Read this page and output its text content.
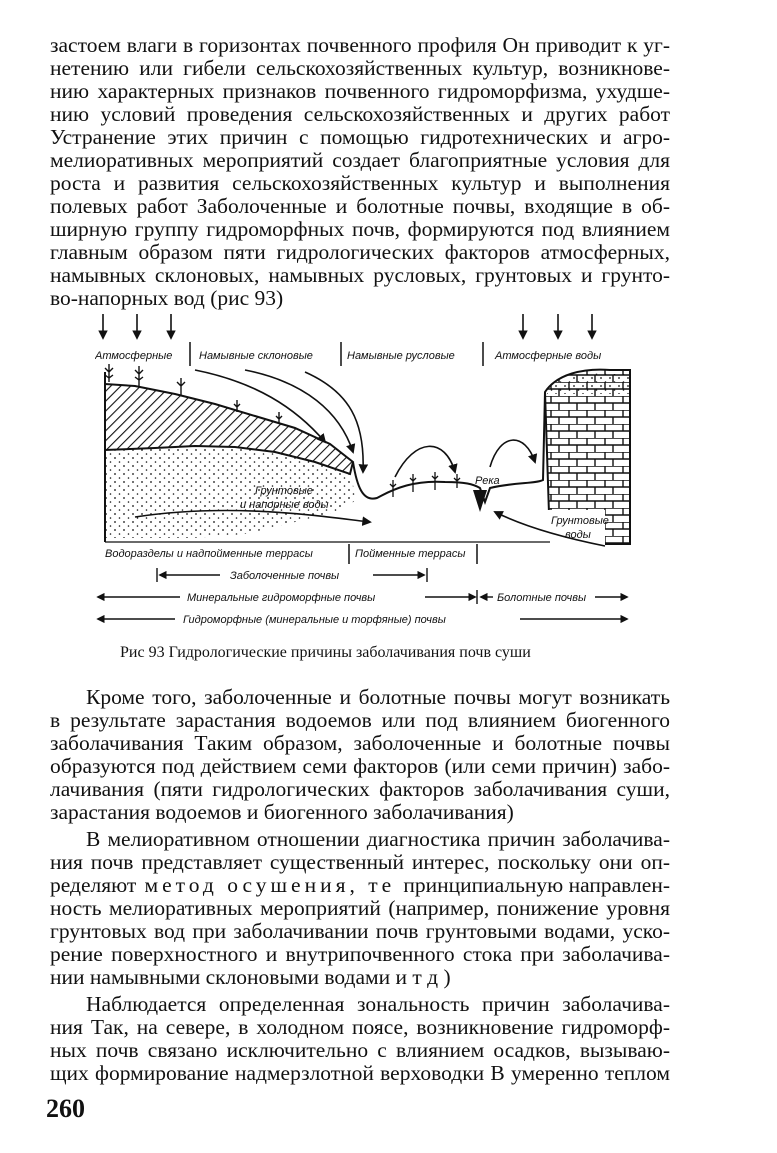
застоем влаги в горизонтах почвенного профиля Он приводит к уг-

нетению или гибели сельскохозяйственных культур, возникнове-

нию характерных признаков почвенного гидроморфизма, ухудше-

нию условий проведения сельскохозяйственных и других работ

Устранение этих причин с помощью гидротехнических и агро-

мелиоративных мероприятий создает благоприятные условия для

роста и развития сельскохозяйственных культур и выполнения

полевых работ Заболоченные и болотные почвы, входящие в об-

ширную группу гидроморфных почв, формируются под влиянием

главным образом пяти гидрологических факторов атмосферных,

намывных склоновых, намывных русловых, грунтовых и грунто-

во-напорных вод (рис 93)

Атмосферные Намывные склоновые	Намывные русловые	Атмосферные воды
Река
Грунтовые
и напорные воды
Грунтовые
воды
Водоразделы и надпойменные террасы	Пойменные террасы
Заболоченные почвы
Минеральные гидроморфные почвы	Болотные почвы
Гидроморфные (минеральные и торфяные) почвы

Рис 93 Гидрологические причины заболачивания почв суши

Кроме того, заболоченные и болотные почвы могут возникать

в результате зарастания водоемов или под влиянием биогенного

заболачивания Таким образом, заболоченные и болотные почвы

образуются под действием семи факторов (или семи причин) забо-

лачивания (пяти гидрологических факторов заболачивания суши,

зарастания водоемов и биогенного заболачивания)

В мелиоративном отношении диагностика причин заболачива-

ния почв представляет существенный интерес, поскольку они оп-

ределяют метод осушения, те принципиальную направлен-

ность мелиоративных мероприятий (например, понижение уровня

грунтовых вод при заболачивании почв грунтовыми водами, уско-

рение поверхностного и внутрипочвенного стока при заболачива-

нии намывными склоновыми водами и т д )

Наблюдается определенная зональность причин заболачива-

ния Так, на севере, в холодном поясе, возникновение гидроморф-

ных почв связано исключительно с влиянием осадков, вызываю-

щих формирование надмерзлотной верховодки В умеренно теплом

260
